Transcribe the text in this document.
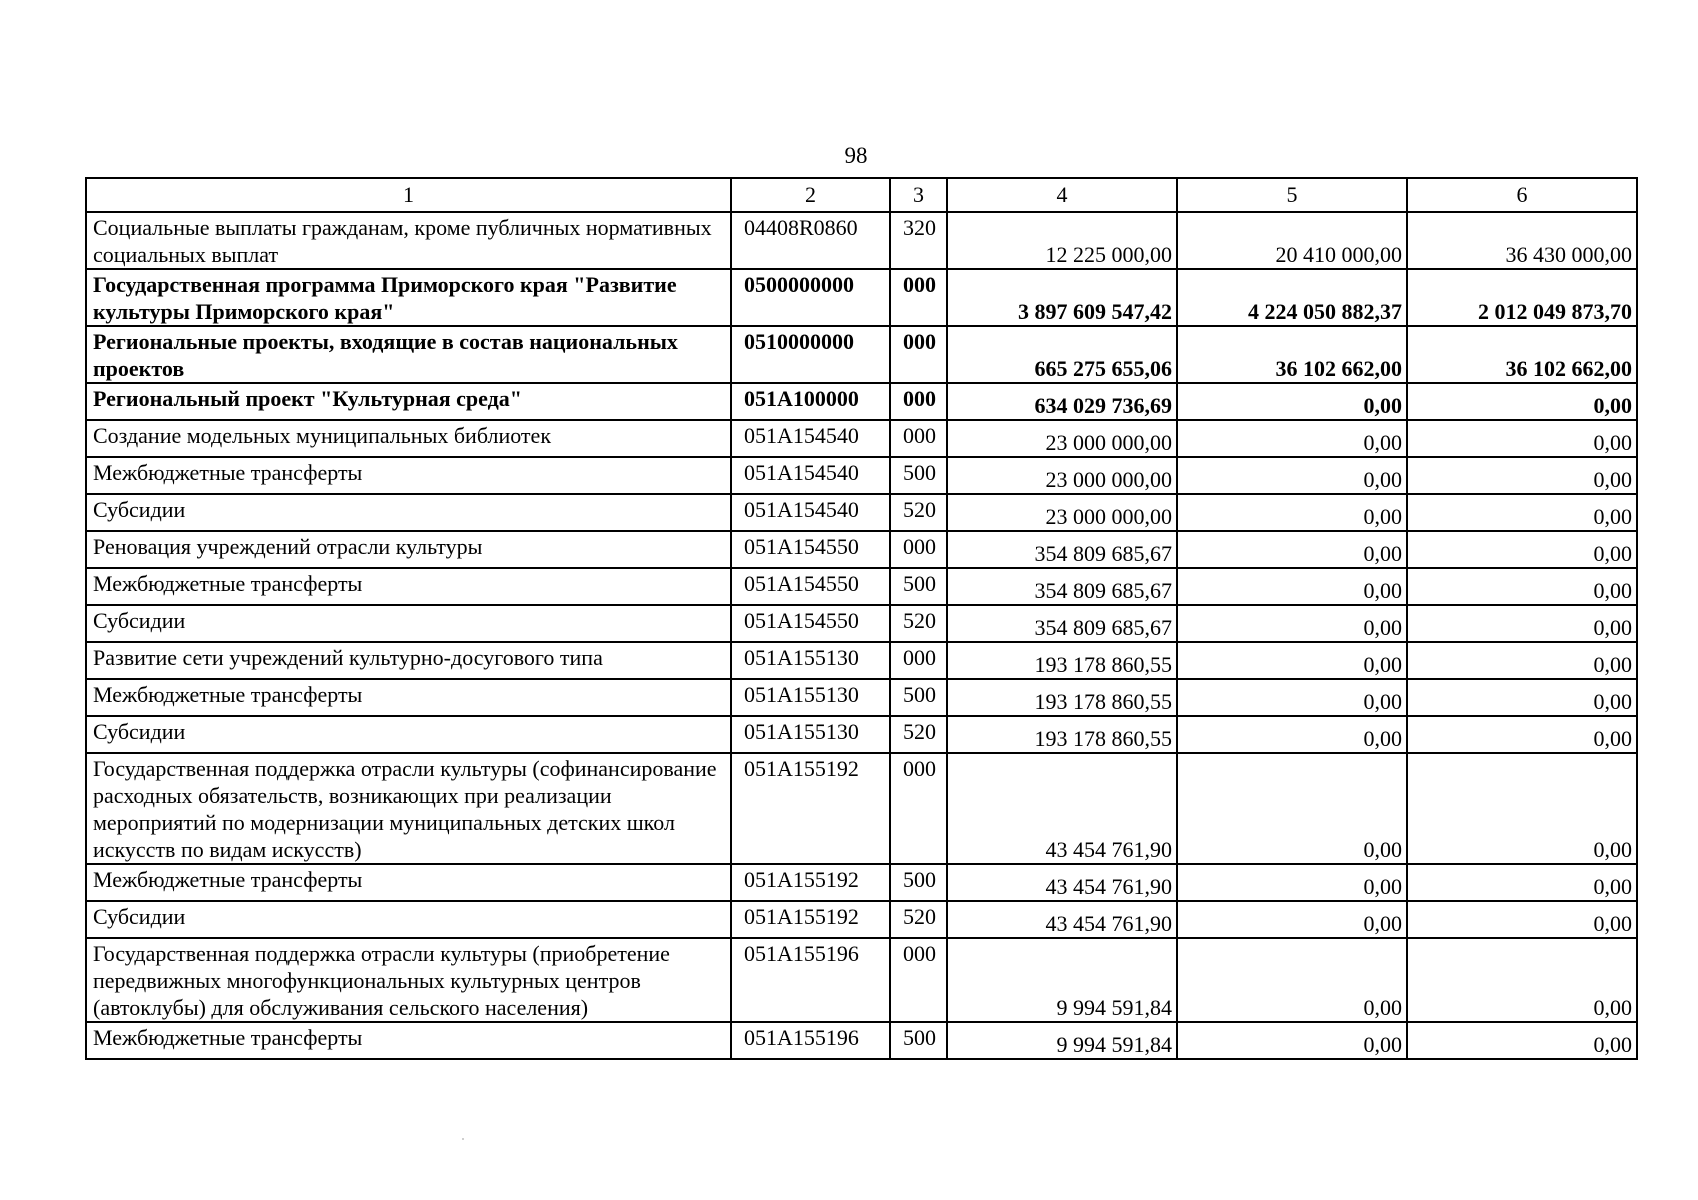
98
1	2	3	4	5	6
Социальные выплаты гражданам, кроме публичных нормативных социальных выплат	04408R0860	320	12 225 000,00	20 410 000,00	36 430 000,00
Государственная программа Приморского края "Развитие культуры Приморского края"	0500000000	000	3 897 609 547,42	4 224 050 882,37	2 012 049 873,70
Региональные проекты, входящие в состав национальных проектов	0510000000	000	665 275 655,06	36 102 662,00	36 102 662,00
Региональный проект "Культурная среда"	051A100000	000	634 029 736,69	0,00	0,00
Создание модельных муниципальных библиотек	051A154540	000	23 000 000,00	0,00	0,00
Межбюджетные трансферты	051A154540	500	23 000 000,00	0,00	0,00
Субсидии	051A154540	520	23 000 000,00	0,00	0,00
Реновация учреждений отрасли культуры	051A154550	000	354 809 685,67	0,00	0,00
Межбюджетные трансферты	051A154550	500	354 809 685,67	0,00	0,00
Субсидии	051A154550	520	354 809 685,67	0,00	0,00
Развитие сети учреждений культурно-досугового типа	051A155130	000	193 178 860,55	0,00	0,00
Межбюджетные трансферты	051A155130	500	193 178 860,55	0,00	0,00
Субсидии	051A155130	520	193 178 860,55	0,00	0,00
Государственная поддержка отрасли культуры (софинансирование расходных обязательств, возникающих при реализации мероприятий по модернизации муниципальных детских школ искусств по видам искусств)	051A155192	000	43 454 761,90	0,00	0,00
Межбюджетные трансферты	051A155192	500	43 454 761,90	0,00	0,00
Субсидии	051A155192	520	43 454 761,90	0,00	0,00
Государственная поддержка отрасли культуры (приобретение передвижных многофункциональных культурных центров (автоклубы) для обслуживания сельского населения)	051A155196	000	9 994 591,84	0,00	0,00
Межбюджетные трансферты	051A155196	500	9 994 591,84	0,00	0,00
